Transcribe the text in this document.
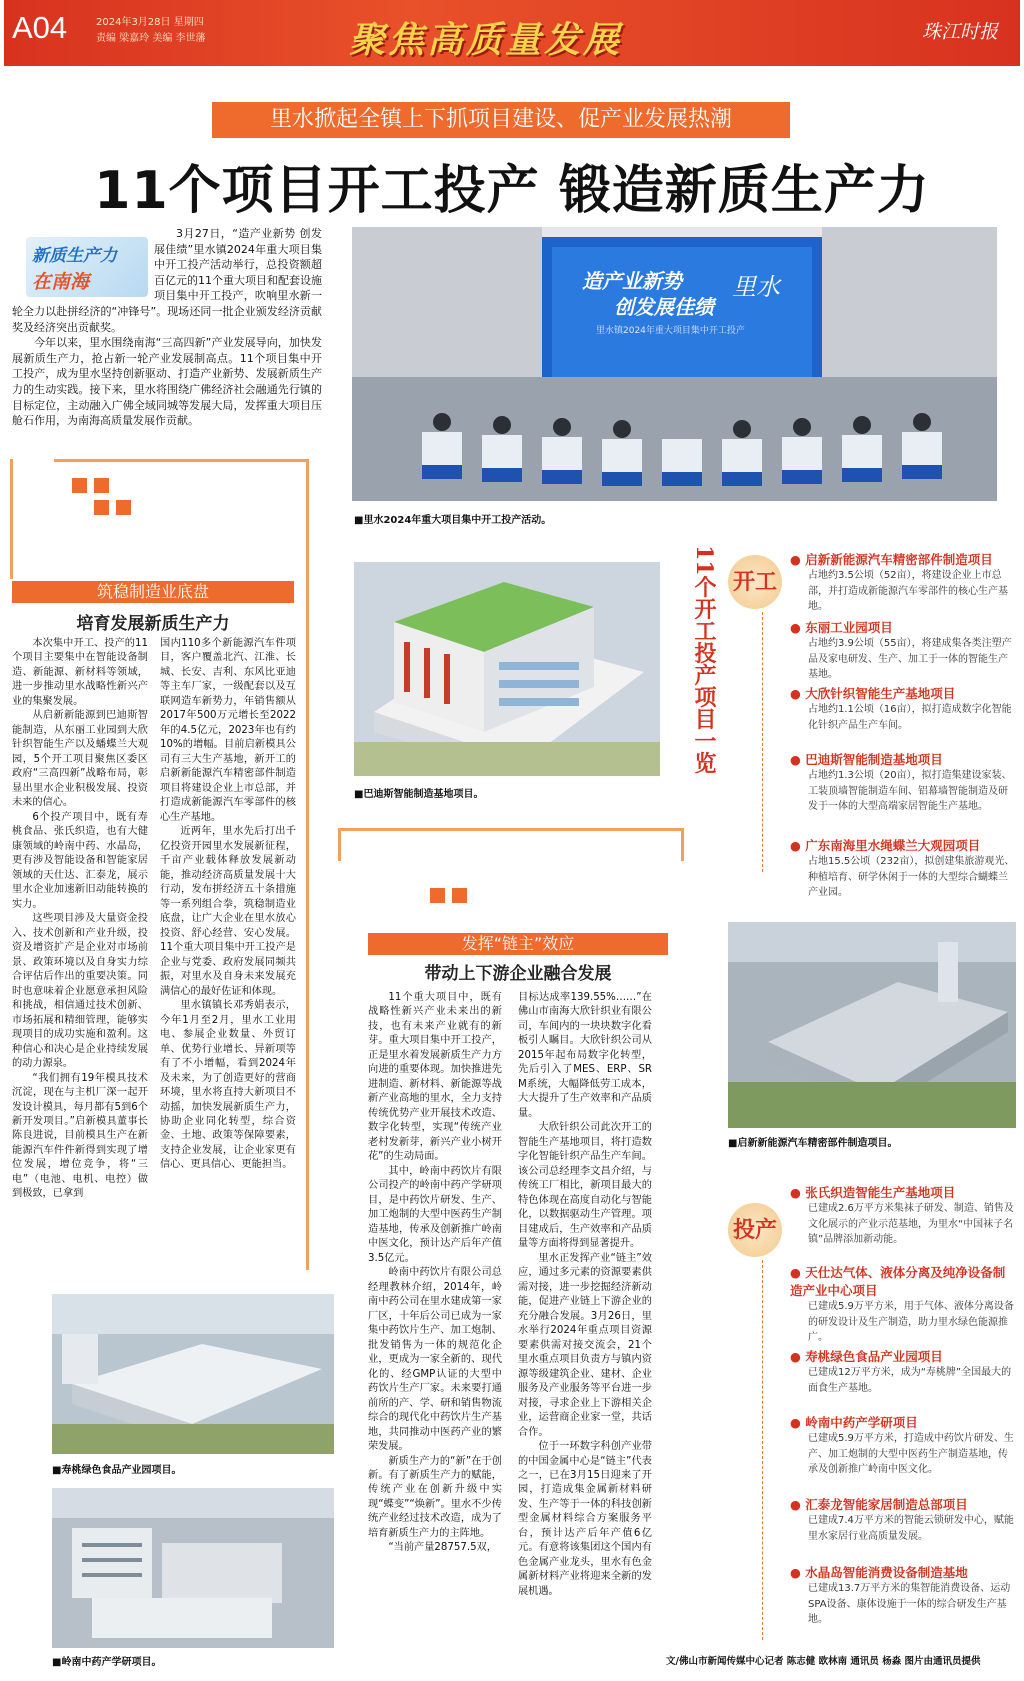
A04	2024年3月28日 星期四
责编 梁嘉玲 美编 李世藩	聚焦高质量发展	珠江时报
里水掀起全镇上下抓项目建设、促产业发展热潮
11个项目开工投产 锻造新质生产力
新质生产力
在南海

3月27日，“造产业新势 创发展佳绩”里水镇2024年重大项目集中开工投产活动举行，总投资额超百亿元的11个重大项目和配套设施项目集中开工投产，吹响里水新一轮全力以赴拼经济的“冲锋号”。现场还同一批企业颁发经济贡献奖及经济突出贡献奖。

今年以来，里水围绕南海“三高四新”产业发展导向，加快发展新质生产力，抢占新一轮产业发展制高点。11个项目集中开工投产，成为里水坚持创新驱动、打造产业新势、发展新质生产力的生动实践。接下来，里水将围绕广佛经济社会融通先行镇的目标定位，主动融入广佛全域同城等发展大局，发挥重大项目压舱石作用，为南海高质量发展作贡献。

造产业新势
创发展佳绩
里水
里水镇2024年重大项目集中开工投产
■里水2024年重大项目集中开工投产活动。
筑稳制造业底盘
培育发展新质生产力

本次集中开工、投产的11个项目主要集中在智能设备制造、新能源、新材料等领域，进一步推动里水战略性新兴产业的集聚发展。

从启新新能源到巴迪斯智能制造，从东丽工业园到大欣针织智能生产以及蟠蝶兰大观园，5个开工项目聚焦区委区政府“三高四新”战略布局，彰显出里水企业积极发展、投资未来的信心。

6个投产项目中，既有寿桃食品、张氏织造，也有大健康领域的岭南中药、水晶岛，更有涉及智能设备和智能家居领域的天仕达、汇泰龙，展示里水企业加速新旧动能转换的实力。

这些项目涉及大量资金投入、技术创新和产业升级，投资及增资扩产是企业对市场前景、政策环境以及自身实力综合评估后作出的重要决策。同时也意味着企业愿意承担风险和挑战，相信通过技术创新、市场拓展和精细管理，能够实现项目的成功实施和盈利。这种信心和决心是企业持续发展的动力源泉。

“我们拥有19年模具技术沉淀，现在与主机厂深一起开发设计模具，每月都有5到6个新开发项目。”启新模具董事长陈良进说，目前模具生产在新能源汽车件件新得到实现了增位发展，增位竞争，将“三电”（电池、电机、电控）做到极致，已拿到

国内110多个新能源汽车件项目，客户覆盖北汽、江淮、长城、长安、吉利、东风比亚迪等主车厂家，一级配套以及互联网造车新势力，年销售额从2017年500万元增长至2022年的4.5亿元，2023年也有约10%的增幅。目前启新模具公司有三大生产基地，新开工的启新新能源汽车精密部件制造项目将建设企业上市总部，并打造成新能源汽车零部件的核心生产基地。

近两年，里水先后打出千亿投资开园里水发展新征程，千亩产业载体释放发展新动能，推动经济高质量发展十大行动，发布拼经济五十条措施等一系列组合拳，筑稳制造业底盘，让广大企业在里水放心投资、舒心经营、安心发展。11个重大项目集中开工投产是企业与党委、政府发展同频共振，对里水及自身未来发展充满信心的最好佐证和体现。

里水镇镇长邓秀娟表示，今年1月至2月，里水工业用电、参展企业数量、外贸订单、优势行业增长、异新项等有了不小增幅，看到2024年及未来，为了创造更好的营商环境，里水将直持大新项目不动摇，加快发展新质生产力，协助企业同化转型，综合资金、土地、政策等保障要素，支持企业发展，让企业家更有信心、更具信心、更能担当。

■巴迪斯智能制造基地项目。
发挥“链主”效应
带动上下游企业融合发展

11个重大项目中，既有战略性新兴产业未来出的新技，也有未来产业就有的新芽。重大项目集中开工投产，正是里水着发展新质生产力方向进的重要体现。加快推进先进制造、新材料、新能源等战新产业高地的里水，全力支持传统优势产业开展技术改造、数字化转型，实现“传统产业老村发新芽，新兴产业小树开花”的生动局面。

其中，岭南中药饮片有限公司投产的岭南中药产学研项目，是中药饮片研发、生产、加工炮制的大型中医药生产制造基地，传承及创新推广岭南中医文化，预计达产后年产值3.5亿元。

岭南中药饮片有限公司总经理教林介绍，2014年，岭南中药公司在里水建成第一家厂区，十年后公司已成为一家集中药饮片生产、加工炮制、批发销售为一体的规范化企业，更成为一家全新的、现代化的、经GMP认证的大型中药饮片生产厂家。未来要打通前所的产、学、研和销售物流综合的现代化中药饮片生产基地，共同推动中医药产业的繁荣发展。

新质生产力的“新”在于创新。有了新质生产力的赋能，传统产业在创新升级中实现“蝶变”“焕新”。里水不少传统产业经过技术改造，成为了培育新质生产力的主阵地。

“当前产量28757.5双，

目标达成率139.55%……”在佛山市南海大欣针织业有限公司，车间内的一块块数字化看板引人瞩目。大欣针织公司从2015年起布局数字化转型，先后引入了MES、ERP、SRM系统，大幅降低劳工成本，大大提升了生产效率和产品质量。

大欣针织公司此次开工的智能生产基地项目，将打造数字化智能针织产品生产车间。该公司总经理李文昌介绍，与传统工厂相比，新项目最大的特色体现在高度自动化与智能化，以数据驱动生产管理。项目建成后，生产效率和产品质量等方面将得到显著提升。

里水正发挥产业“链主”效应，通过多元素的资源要素供需对接，进一步挖掘经济新动能，促进产业链上下游企业的充分融合发展。3月26日，里水举行2024年重点项目资源要素供需对接交流会，21个里水重点项目负责方与镇内资源等级建筑企业、建材、企业服务及产业服务等平台进一步对接，寻求企业上下游相关企业，运营商企业家一堂，共话合作。

位于一环数字科创产业带的中国金属中心是“链主”代表之一，已在3月15日迎来了开园，打造成集金属新材料研发、生产等于一体的科技创新型金属材料综合方案服务平台，预计达产后年产值6亿元。有意将该集团这个国内有色金属产业龙头，里水有色金属新材料产业将迎来全新的发展机遇。

■寿桃绿色食品产业园项目。
■岭南中药产学研项目。
11个开工投产项目一览 开工
● 启新新能源汽车精密部件制造项目
占地约3.5公顷（52亩），将建设企业上市总部，并打造成新能源汽车零部件的核心生产基地。
● 东丽工业园项目
占地约3.9公顷（55亩），将建成集各类注塑产品及家电研发、生产、加工于一体的智能生产基地。
● 大欣针织智能生产基地项目
占地约1.1公顷（16亩），拟打造成数字化智能化针织产品生产车间。
● 巴迪斯智能制造基地项目
占地约1.3公顷（20亩），拟打造集建设家装、工装顶墙智能制造车间、铝幕墙智能制造及研发于一体的大型高端家居智能生产基地。
● 广东南海里水绳蝶兰大观园项目
占地15.5公顷（232亩），拟创建集旅游观光、种植培育、研学休闲于一体的大型综合蝴蝶兰产业园。
■启新新能源汽车精密部件制造项目。
投产
● 张氏织造智能生产基地项目
已建成2.6万平方米集袜子研发、制造、销售及文化展示的产业示范基地，为里水“中国袜子名镇”品牌添加新动能。
● 天仕达气体、液体分离及纯净设备制造产业中心项目
已建成5.9万平方米，用于气体、液体分离设备的研发设计及生产制造，助力里水绿色能源推广。
● 寿桃绿色食品产业园项目
已建成12万平方米，成为“寿桃牌”全国最大的面食生产基地。
● 岭南中药产学研项目
已建成5.9万平方米，打造成中药饮片研发、生产、加工炮制的大型中医药生产制造基地，传承及创新推广岭南中医文化。
● 汇泰龙智能家居制造总部项目
已建成7.4万平方米的智能云锁研发中心，赋能里水家居行业高质量发展。
● 水晶岛智能消费设备制造基地
已建成13.7万平方米的集智能消费设备、运动SPA设备、康体设施于一体的综合研发生产基地。
文/佛山市新闻传媒中心记者 陈志健 欧林南 通讯员 杨淼 图片由通讯员提供
